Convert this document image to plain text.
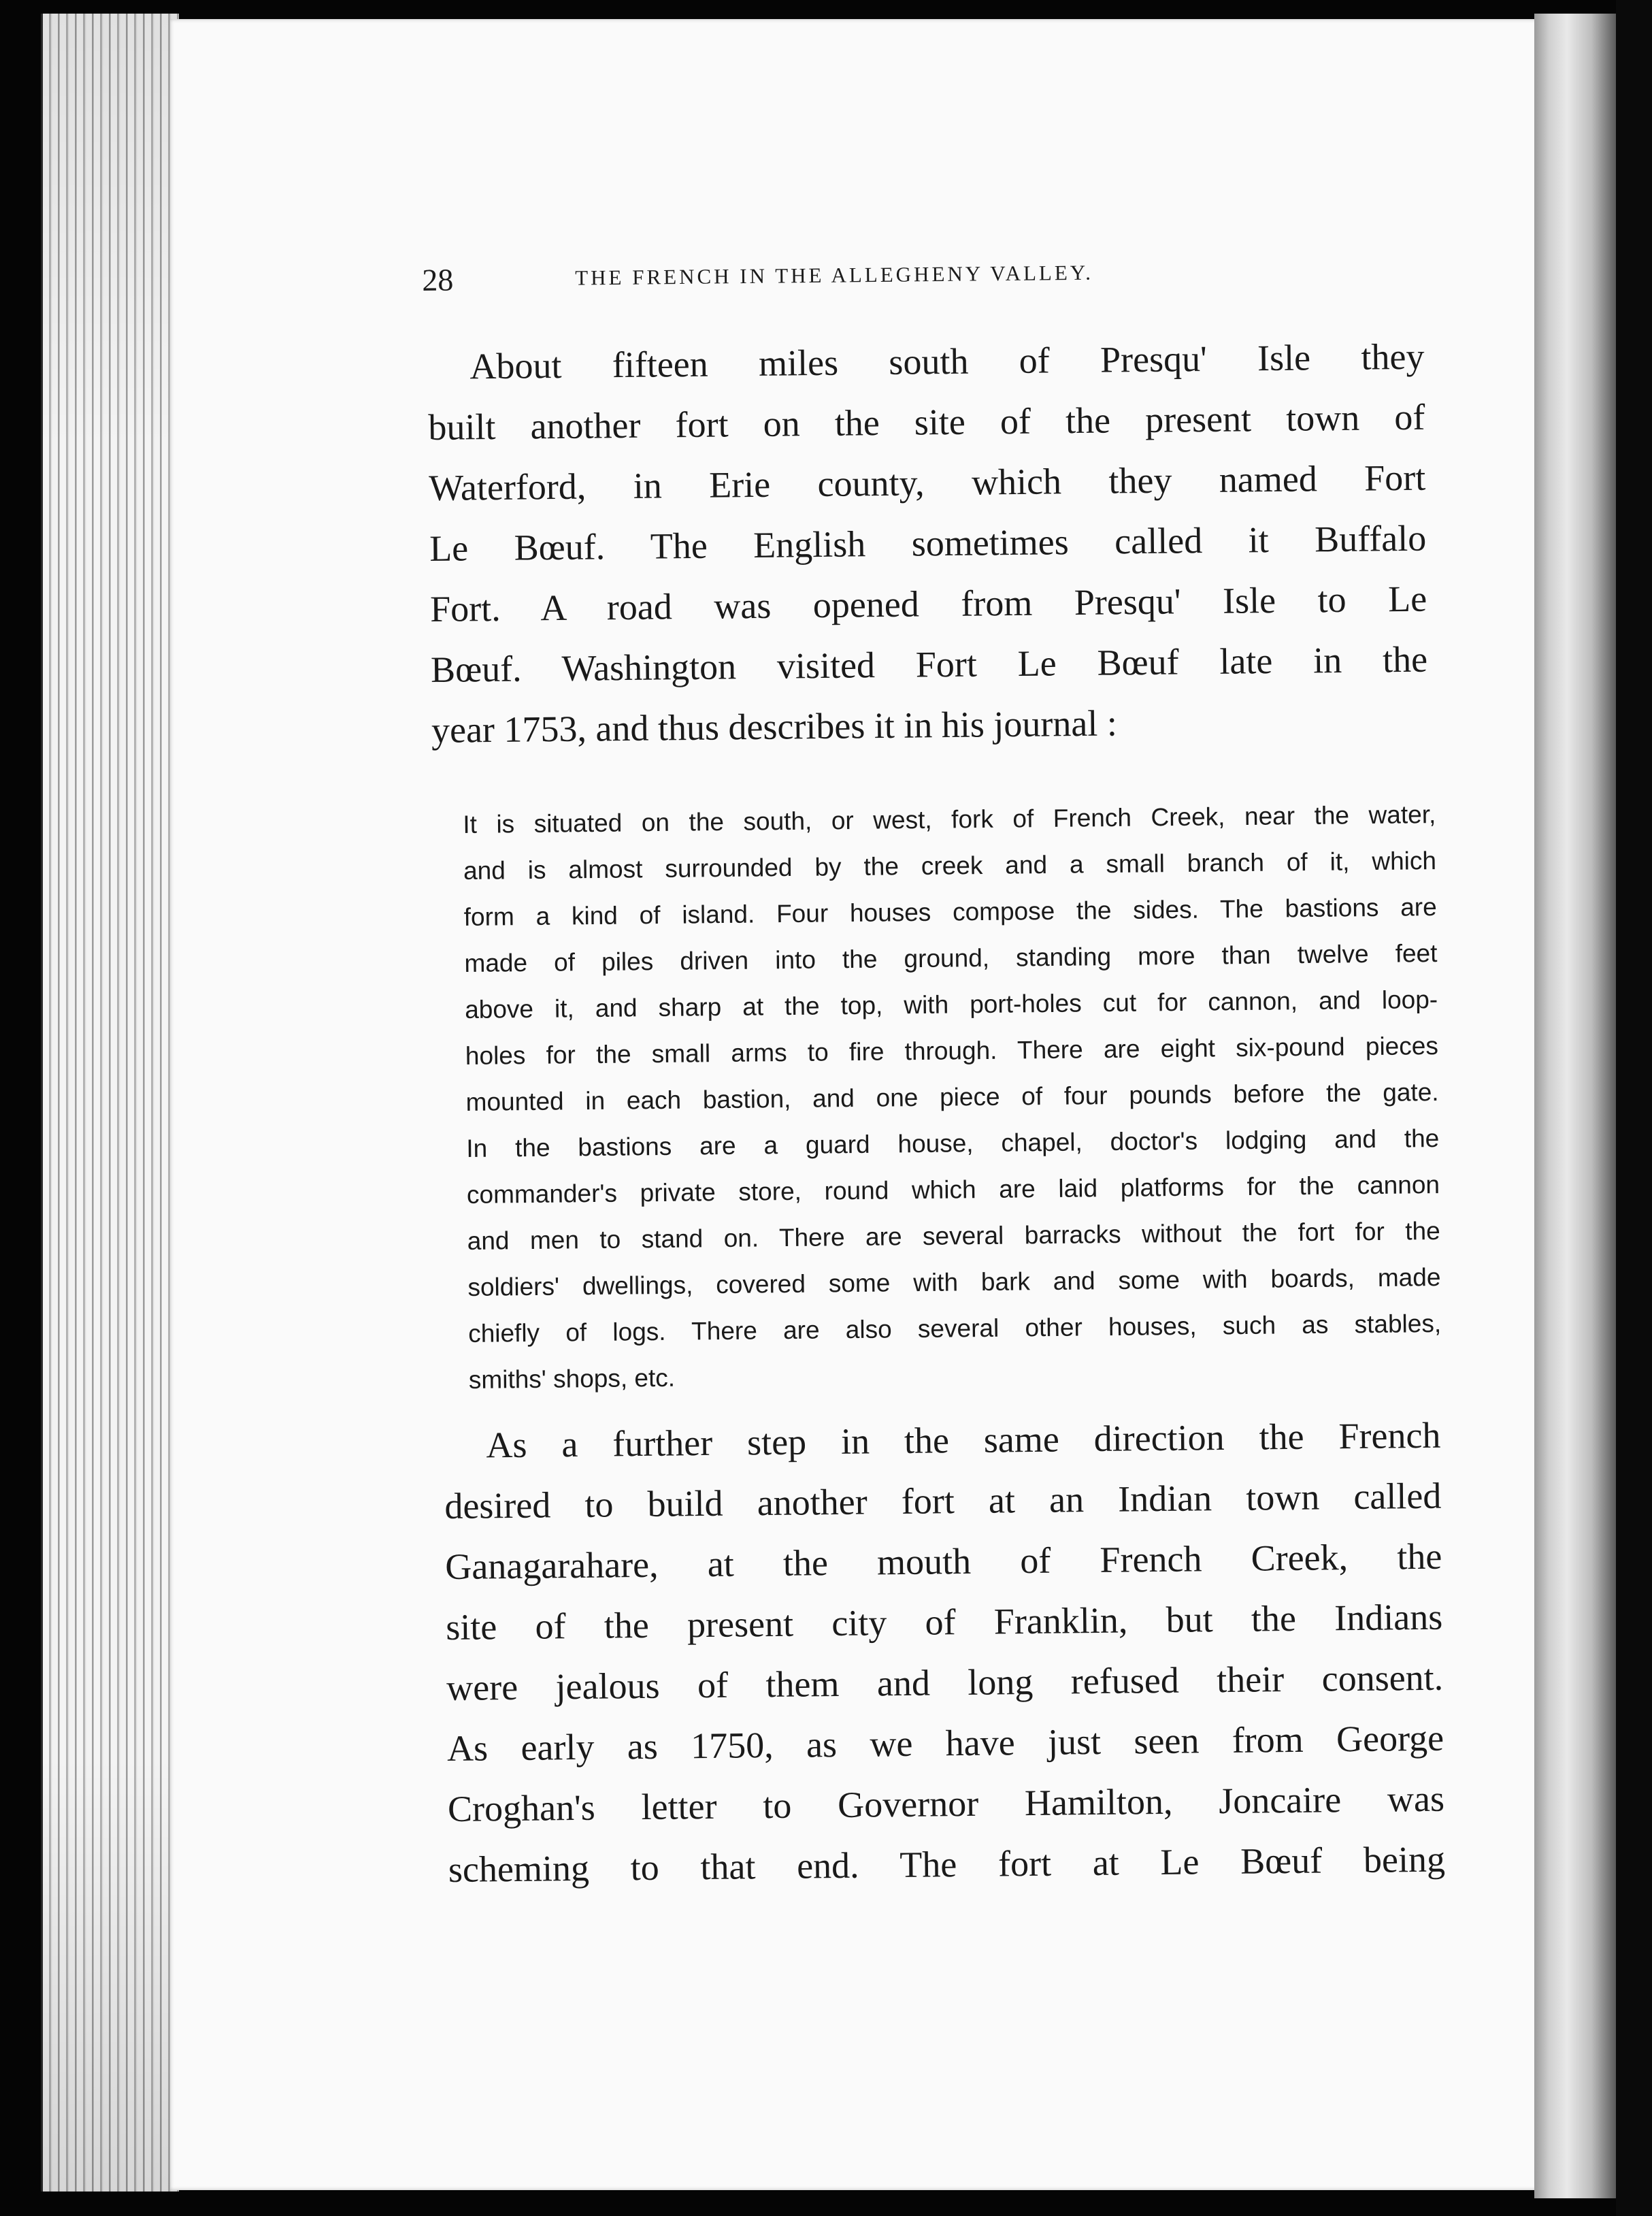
28	THE FRENCH IN THE ALLEGHENY VALLEY.
About fifteen miles south of Presqu' Isle they
built another fort on the site of the present town of
Waterford, in Erie county, which they named Fort
Le Bœuf. The English sometimes called it Buffalo
Fort. A road was opened from Presqu' Isle to Le
Bœuf. Washington visited Fort Le Bœuf late in the
year 1753, and thus describes it in his journal :
It is situated on the south, or west, fork of French Creek, near the water,
and is almost surrounded by the creek and a small branch of it, which
form a kind of island. Four houses compose the sides. The bastions are
made of piles driven into the ground, standing more than twelve feet
above it, and sharp at the top, with port-holes cut for cannon, and loop-
holes for the small arms to fire through. There are eight six-pound pieces
mounted in each bastion, and one piece of four pounds before the gate.
In the bastions are a guard house, chapel, doctor's lodging and the
commander's private store, round which are laid platforms for the cannon
and men to stand on. There are several barracks without the fort for the
soldiers' dwellings, covered some with bark and some with boards, made
chiefly of logs. There are also several other houses, such as stables,
smiths' shops, etc.
As a further step in the same direction the French
desired to build another fort at an Indian town called
Ganagarahare, at the mouth of French Creek, the
site of the present city of Franklin, but the Indians
were jealous of them and long refused their consent.
As early as 1750, as we have just seen from George
Croghan's letter to Governor Hamilton, Joncaire was
scheming to that end. The fort at Le Bœuf being
